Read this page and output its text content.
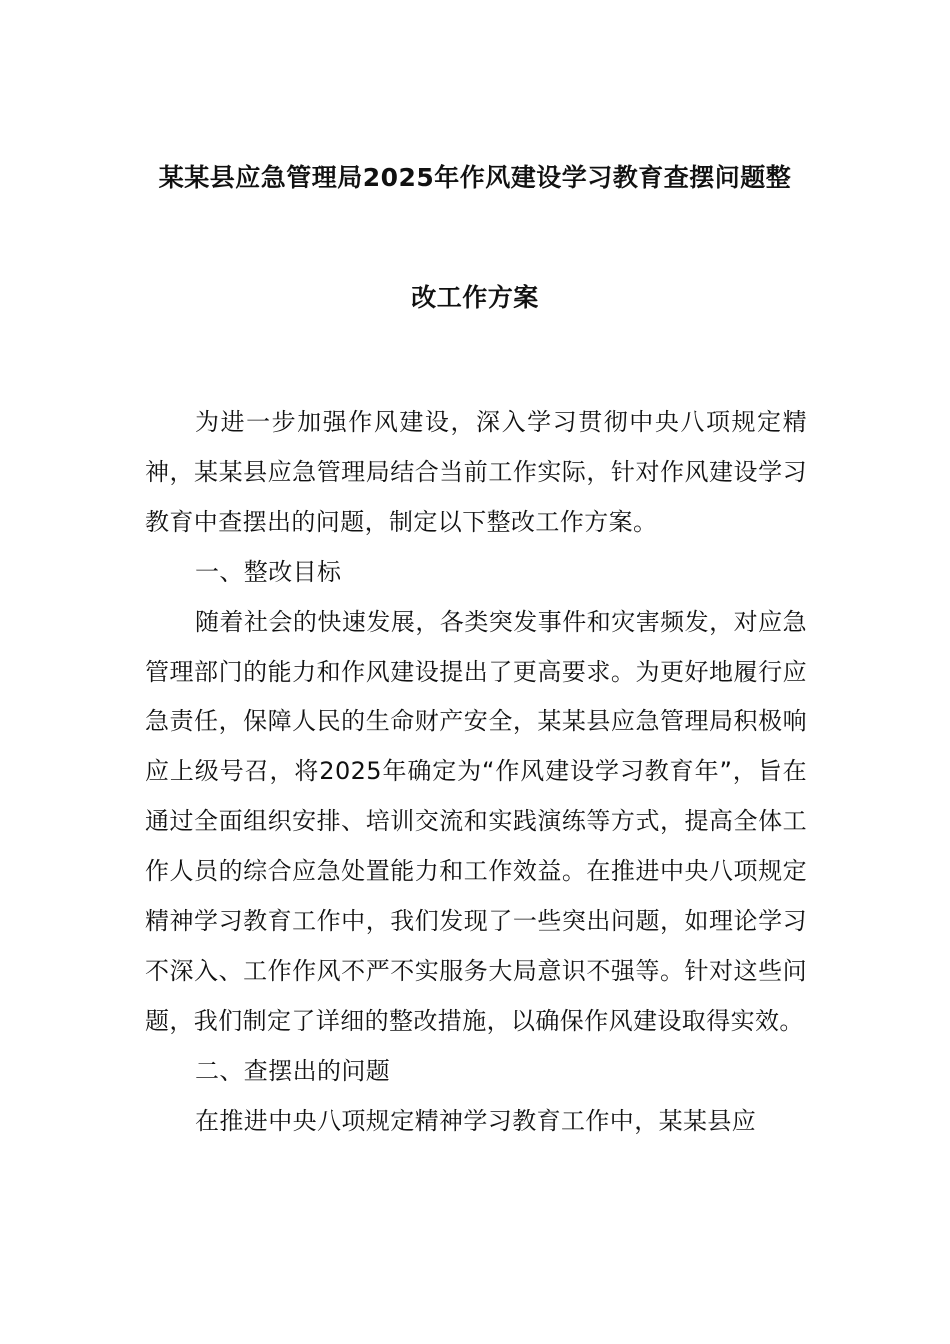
某某县应急管理局2025年作风建设学习教育查摆问题整
改工作方案

为进一步加强作风建设，深入学习贯彻中央八项规定精神，某某县应急管理局结合当前工作实际，针对作风建设学习教育中查摆出的问题，制定以下整改工作方案。

一、整改目标

随着社会的快速发展，各类突发事件和灾害频发，对应急管理部门的能力和作风建设提出了更高要求。为更好地履行应急责任，保障人民的生命财产安全，某某县应急管理局积极响应上级号召，将2025年确定为“作风建设学习教育年”，旨在通过全面组织安排、培训交流和实践演练等方式，提高全体工作人员的综合应急处置能力和工作效益。在推进中央八项规定精神学习教育工作中，我们发现了一些突出问题，如理论学习不深入、工作作风不严不实服务大局意识不强等。针对这些问题，我们制定了详细的整改措施，以确保作风建设取得实效。

二、查摆出的问题

在推进中央八项规定精神学习教育工作中，某某县应
